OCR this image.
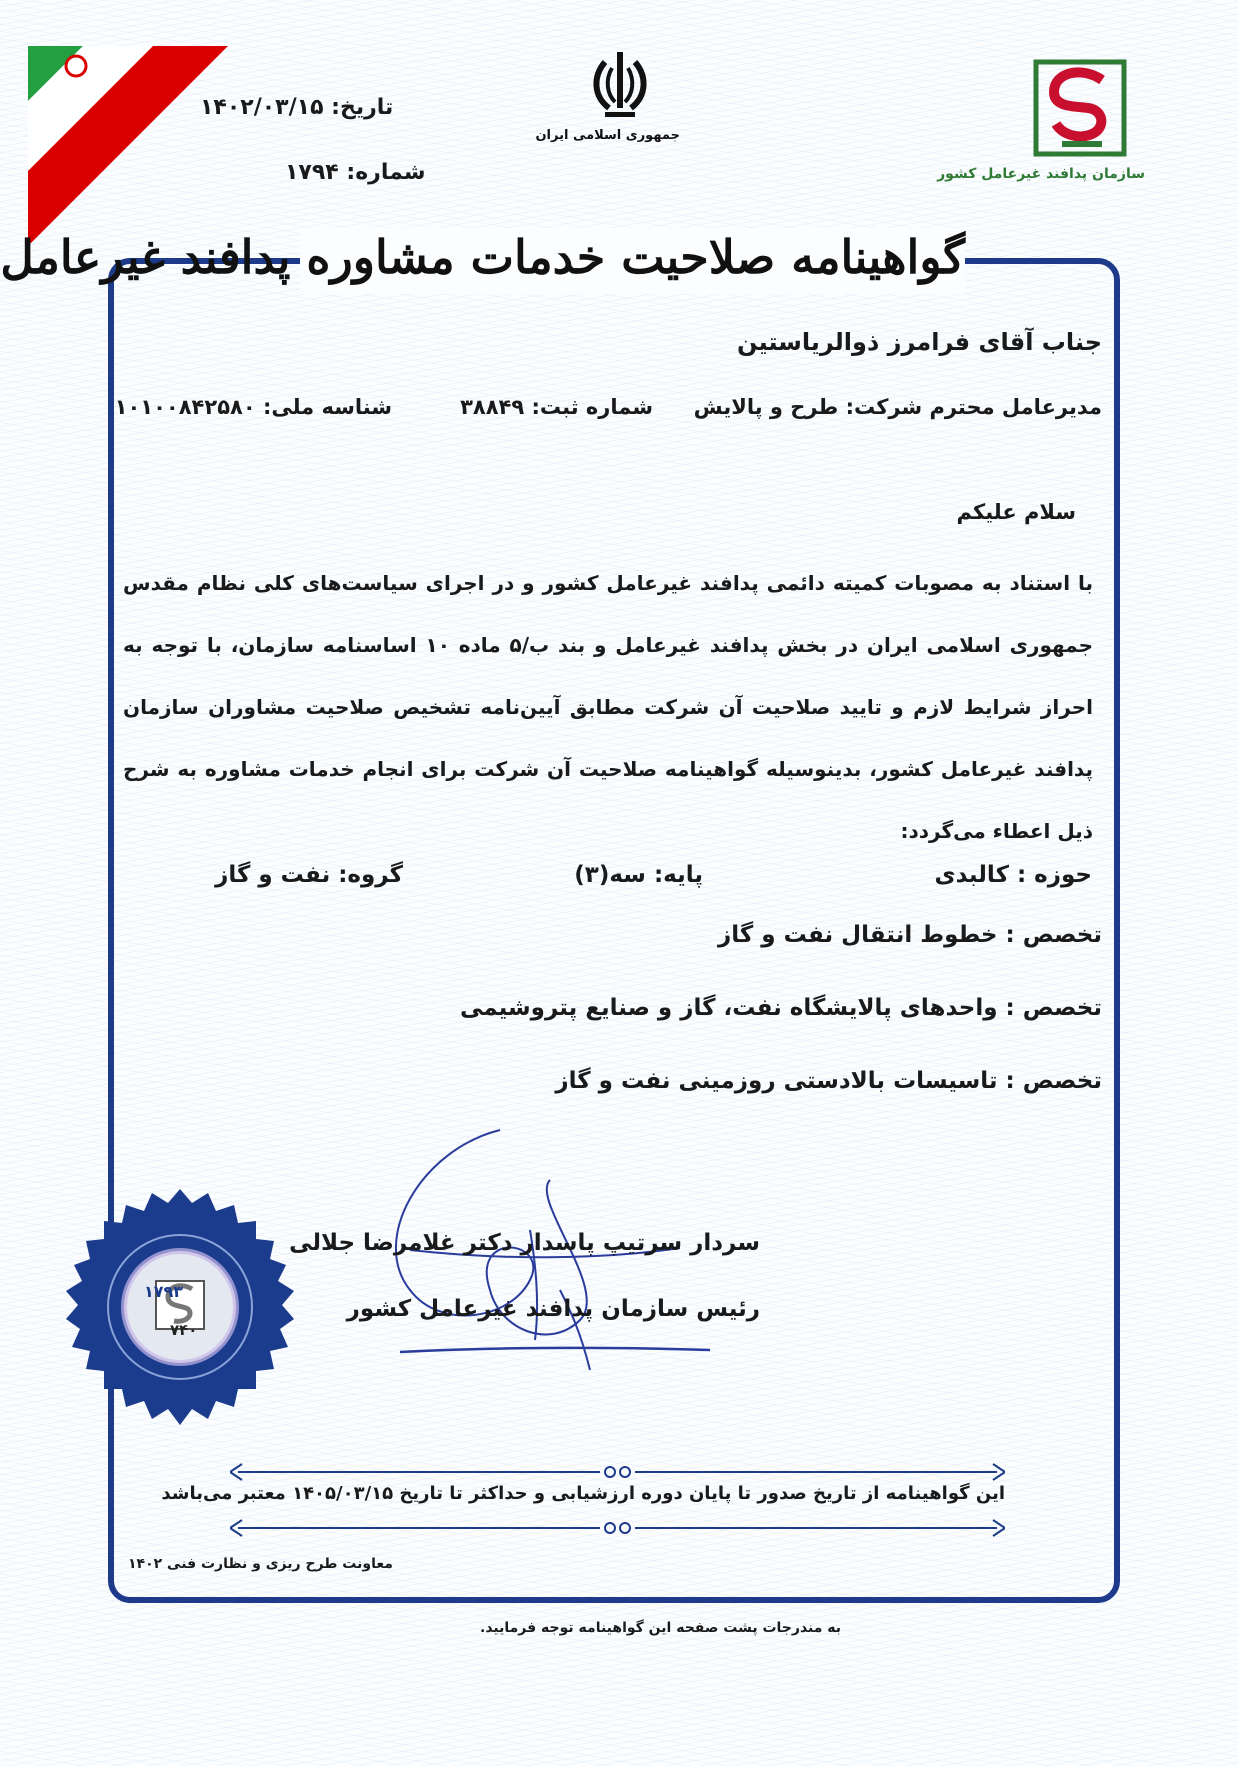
جمهوری اسلامی ایران
سازمان پدافند غیرعامل کشور
تاریخ: ۱۴۰۲/۰۳/۱۵
شماره: ۱۷۹۴
گواهینامه صلاحیت خدمات مشاوره پدافند غیرعامل
جناب آقای فرامرز ذوالریاستین
مدیرعامل محترم شرکت: طرح و پالایش
شماره ثبت: ۳۸۸۴۹
شناسه ملی: ۱۰۱۰۰۸۴۲۵۸۰
سلام علیکم
با استناد به مصوبات کمیته دائمی پدافند غیرعامل کشور و در اجرای سیاست‌های کلی نظام مقدس جمهوری اسلامی ایران در بخش پدافند غیرعامل و بند ب/۵ ماده ۱۰ اساسنامه سازمان، با توجه به احراز شرایط لازم و تایید صلاحیت آن شرکت مطابق آیین‌نامه تشخیص صلاحیت مشاوران سازمان پدافند غیرعامل کشور، بدینوسیله گواهینامه صلاحیت آن شرکت برای انجام خدمات مشاوره به شرح ذیل اعطاء می‌گردد:
حوزه : کالبدی
پایه: سه(۳)
گروه: نفت و گاز
تخصص : خطوط انتقال نفت و گاز
تخصص : واحدهای پالایشگاه نفت، گاز و صنایع پتروشیمی
تخصص : تاسیسات بالادستی روزمینی نفت و گاز
۱۷۹۳
۷۴۰
سردار سرتیپ پاسدار دکتر غلامرضا جلالی
رئیس سازمان پدافند غیرعامل کشور
این گواهینامه از تاریخ صدور تا پایان دوره ارزشیابی و حداکثر تا تاریخ ۱۴۰۵/۰۳/۱۵ معتبر می‌باشد
معاونت طرح ریزی و نظارت فنی ۱۴۰۲
به مندرجات پشت صفحه این گواهینامه توجه فرمایید.
